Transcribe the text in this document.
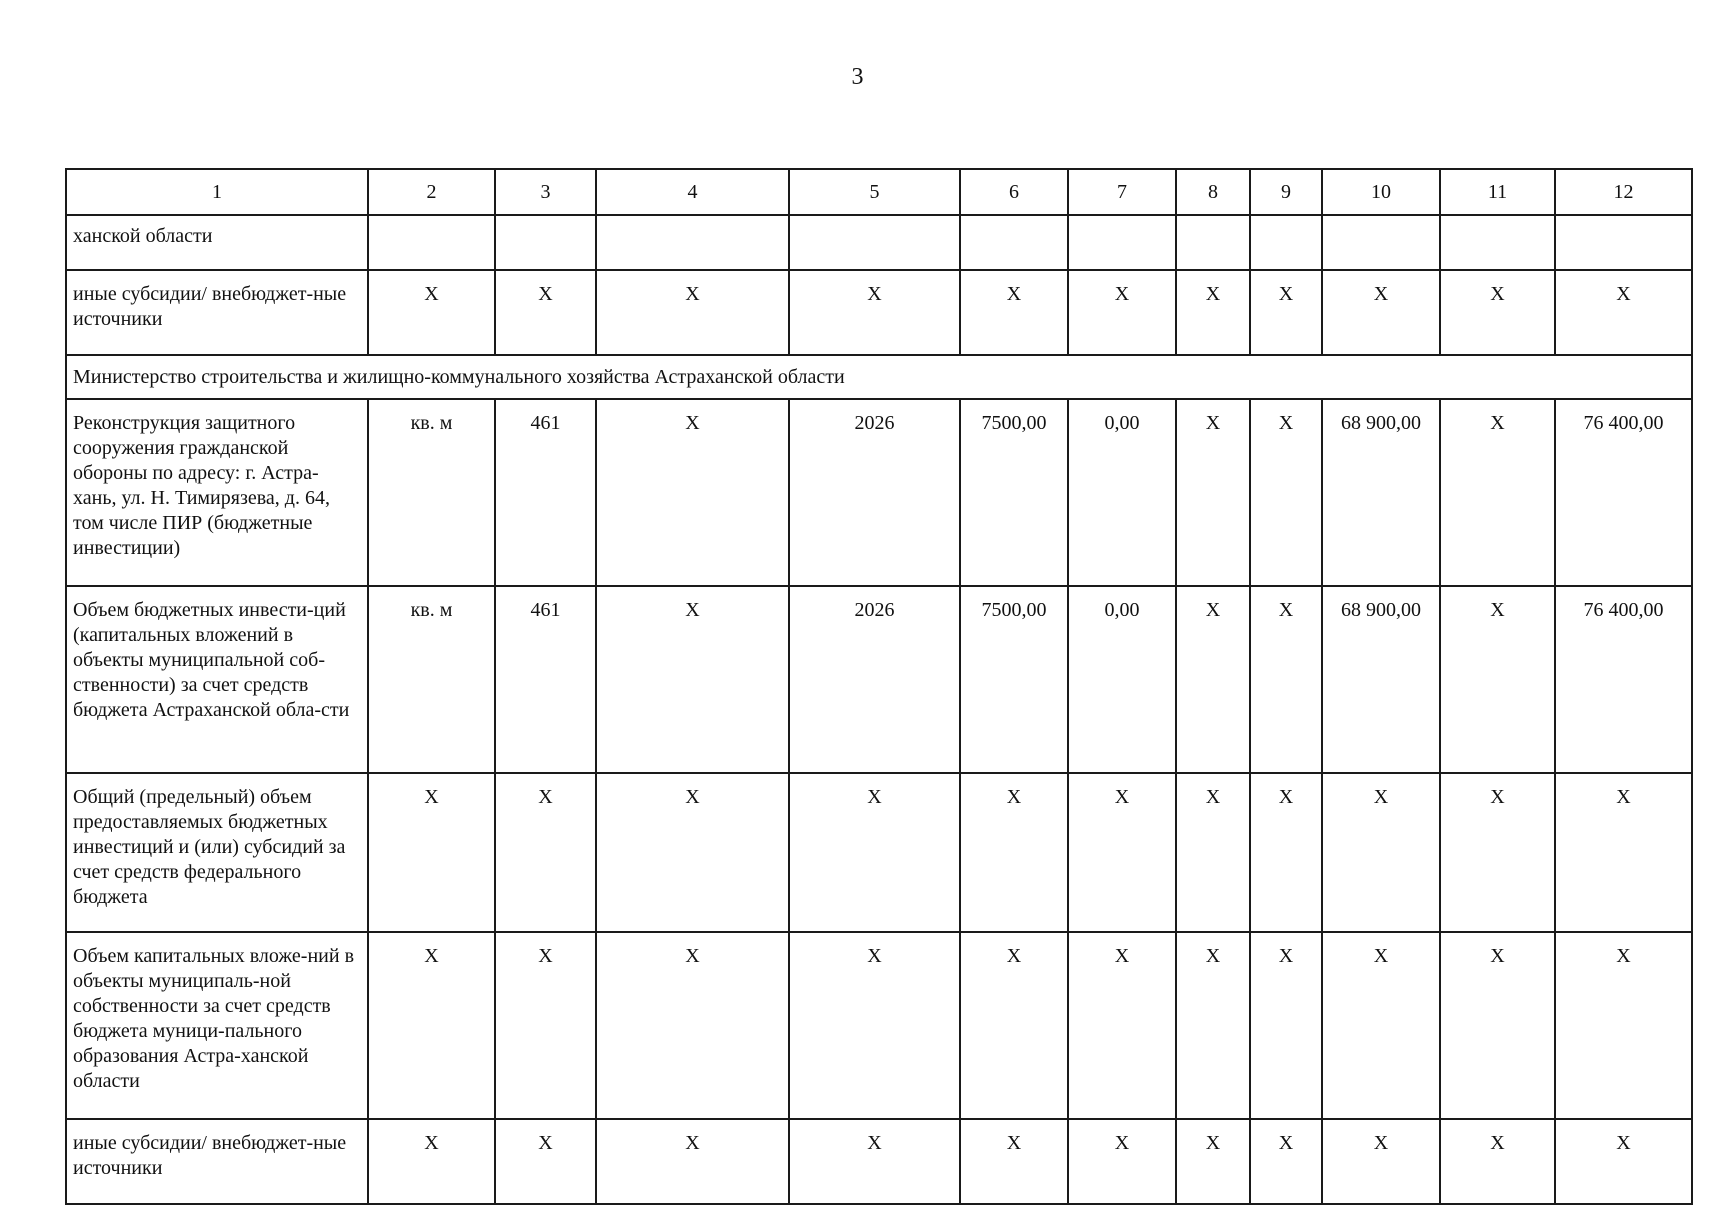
3
1	2	3	4	5	6	7	8	9	10	11	12
ханской области											
иные субсидии/ внебюджет-ные источники	Х	Х	Х	Х	Х	Х	Х	Х	Х	Х	Х
Министерство строительства и жилищно-коммунального хозяйства Астраханской области											
Реконструкция защитного сооружения гражданской обороны по адресу: г. Астра-хань, ул. Н. Тимирязева, д. 64, том числе ПИР (бюджетные инвестиции)	кв. м	461	Х	2026	7500,00	0,00	Х	Х	68 900,00	Х	76 400,00
Объем бюджетных инвести-ций (капитальных вложений в объекты муниципальной соб-ственности) за счет средств бюджета Астраханской обла-сти	кв. м	461	Х	2026	7500,00	0,00	Х	Х	68 900,00	Х	76 400,00
Общий (предельный) объем предоставляемых бюджетных инвестиций и (или) субсидий за счет средств федерального бюджета	Х	Х	Х	Х	Х	Х	Х	Х	Х	Х	Х
Объем капитальных вложе-ний в объекты муниципаль-ной собственности за счет средств бюджета муници-пального образования Астра-ханской области	Х	Х	Х	Х	Х	Х	Х	Х	Х	Х	Х
иные субсидии/ внебюджет-ные источники	Х	Х	Х	Х	Х	Х	Х	Х	Х	Х	Х
